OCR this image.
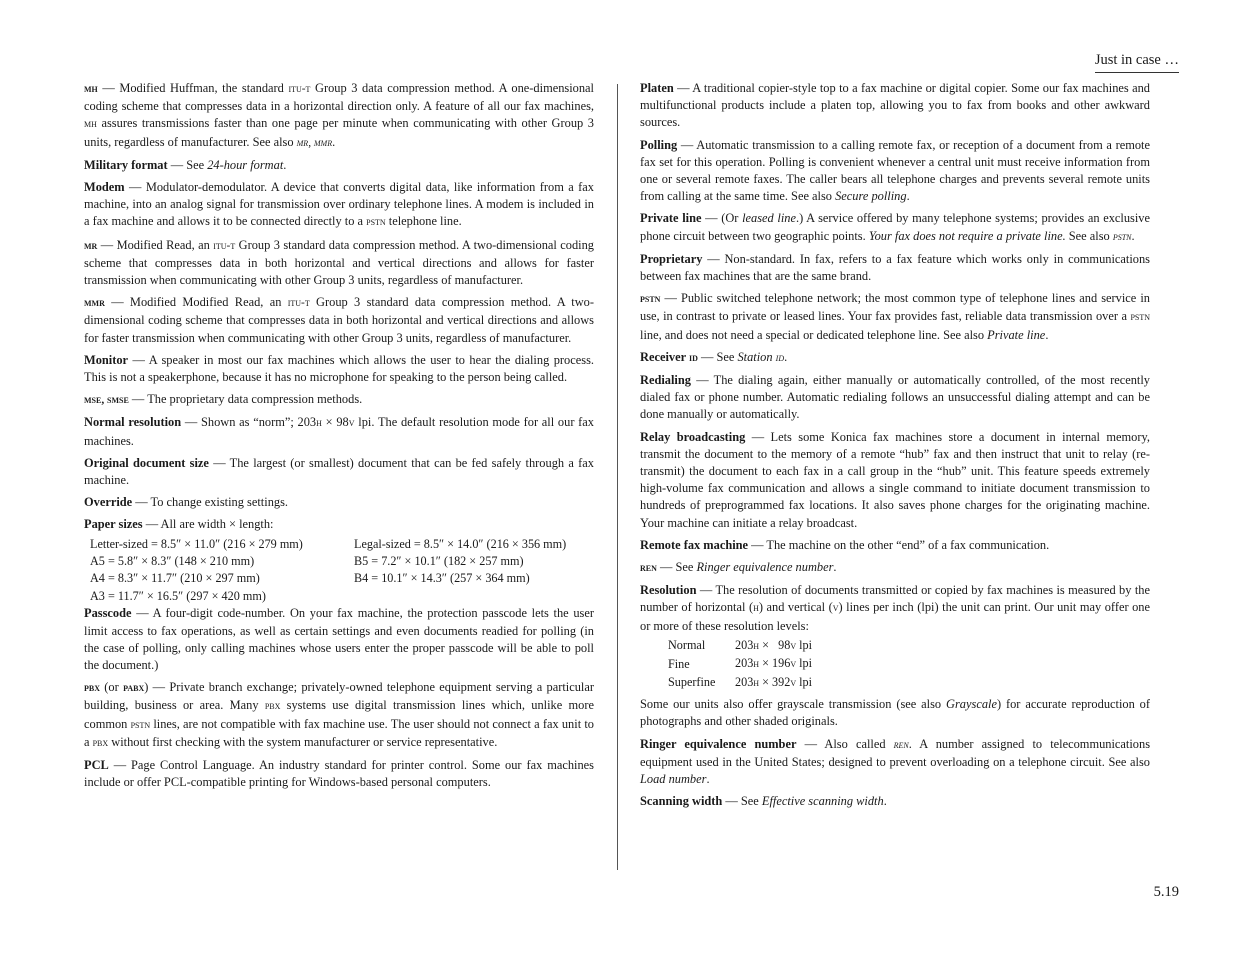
Just in case …

mh — Modified Huffman, the standard itu-t Group 3 data compression method. A one-dimensional coding scheme that compresses data in a horizontal direction only. A feature of all our fax machines, mh assures transmissions faster than one page per minute when communicating with other Group 3 units, regardless of manufacturer. See also mr, mmr.

Military format — See 24-hour format.

Modem — Modulator-demodulator. A device that converts digital data, like information from a fax machine, into an analog signal for transmission over ordinary telephone lines. A modem is included in a fax machine and allows it to be connected directly to a pstn telephone line.

mr — Modified Read, an itu-t Group 3 standard data compression method. A two-dimensional coding scheme that compresses data in both horizontal and vertical directions and allows for faster transmission when communicating with other Group 3 units, regardless of manufacturer.

mmr — Modified Modified Read, an itu-t Group 3 standard data compression method. A two-dimensional coding scheme that compresses data in both horizontal and vertical directions and allows for faster transmission when communicating with other Group 3 units, regardless of manufacturer.

Monitor — A speaker in most our fax machines which allows the user to hear the dialing process. This is not a speakerphone, because it has no microphone for speaking to the person being called.

mse, smse — The proprietary data compression methods.

Normal resolution — Shown as “norm”; 203h × 98v lpi. The default resolution mode for all our fax machines.

Original document size — The largest (or smallest) document that can be fed safely through a fax machine.

Override — To change existing settings.

Paper sizes — All are width × length:

Letter-sized = 8.5″ × 11.0″ (216 × 279 mm)	Legal-sized = 8.5″ × 14.0″ (216 × 356 mm)
A5 = 5.8″ × 8.3″ (148 × 210 mm)	B5 = 7.2″ × 10.1″ (182 × 257 mm)
A4 = 8.3″ × 11.7″ (210 × 297 mm)	B4 = 10.1″ × 14.3″ (257 × 364 mm)
A3 = 11.7″ × 16.5″ (297 × 420 mm)

Passcode — A four-digit code-number. On your fax machine, the protection passcode lets the user limit access to fax operations, as well as certain settings and even documents readied for polling (in the case of polling, only calling machines whose users enter the proper passcode will be able to poll the document.)

pbx (or pabx) — Private branch exchange; privately-owned telephone equipment serving a particular building, business or area. Many pbx systems use digital transmission lines which, unlike more common pstn lines, are not compatible with fax machine use. The user should not connect a fax unit to a pbx without first checking with the system manufacturer or service representative.

PCL — Page Control Language. An industry standard for printer control. Some our fax machines include or offer PCL-compatible printing for Windows-based personal computers.

Platen — A traditional copier-style top to a fax machine or digital copier. Some our fax machines and multifunctional products include a platen top, allowing you to fax from books and other awkward sources.

Polling — Automatic transmission to a calling remote fax, or reception of a document from a remote fax set for this operation. Polling is convenient whenever a central unit must receive information from one or several remote faxes. The caller bears all telephone charges and prevents several remote units from calling at the same time. See also Secure polling.

Private line — (Or leased line.) A service offered by many telephone systems; provides an exclusive phone circuit between two geographic points. Your fax does not require a private line. See also pstn.

Proprietary — Non-standard. In fax, refers to a fax feature which works only in communications between fax machines that are the same brand.

pstn — Public switched telephone network; the most common type of telephone lines and service in use, in contrast to private or leased lines. Your fax provides fast, reliable data transmission over a pstn line, and does not need a special or dedicated telephone line. See also Private line.

Receiver id — See Station id.

Redialing — The dialing again, either manually or automatically controlled, of the most recently dialed fax or phone number. Automatic redialing follows an unsuccessful dialing attempt and can be done manually or automatically.

Relay broadcasting — Lets some Konica fax machines store a document in internal memory, transmit the document to the memory of a remote “hub” fax and then instruct that unit to relay (re-transmit) the document to each fax in a call group in the “hub” unit. This feature speeds extremely high-volume fax communication and allows a single command to initiate document transmission to hundreds of preprogrammed fax locations. It also saves phone charges for the originating machine. Your machine can initiate a relay broadcast.

Remote fax machine — The machine on the other “end” of a fax communication.

ren — See Ringer equivalence number.

Resolution — The resolution of documents transmitted or copied by fax machines is measured by the number of horizontal (h) and vertical (v) lines per inch (lpi) the unit can print. Our unit may offer one or more of these resolution levels:

Normal	203h ×   98v lpi
Fine	203h × 196v lpi
Superfine	203h × 392v lpi

Some our units also offer grayscale transmission (see also Grayscale) for accurate reproduction of photographs and other shaded originals.

Ringer equivalence number — Also called ren. A number assigned to telecommunications equipment used in the United States; designed to prevent overloading on a telephone circuit. See also Load number.

Scanning width — See Effective scanning width.

5.19
